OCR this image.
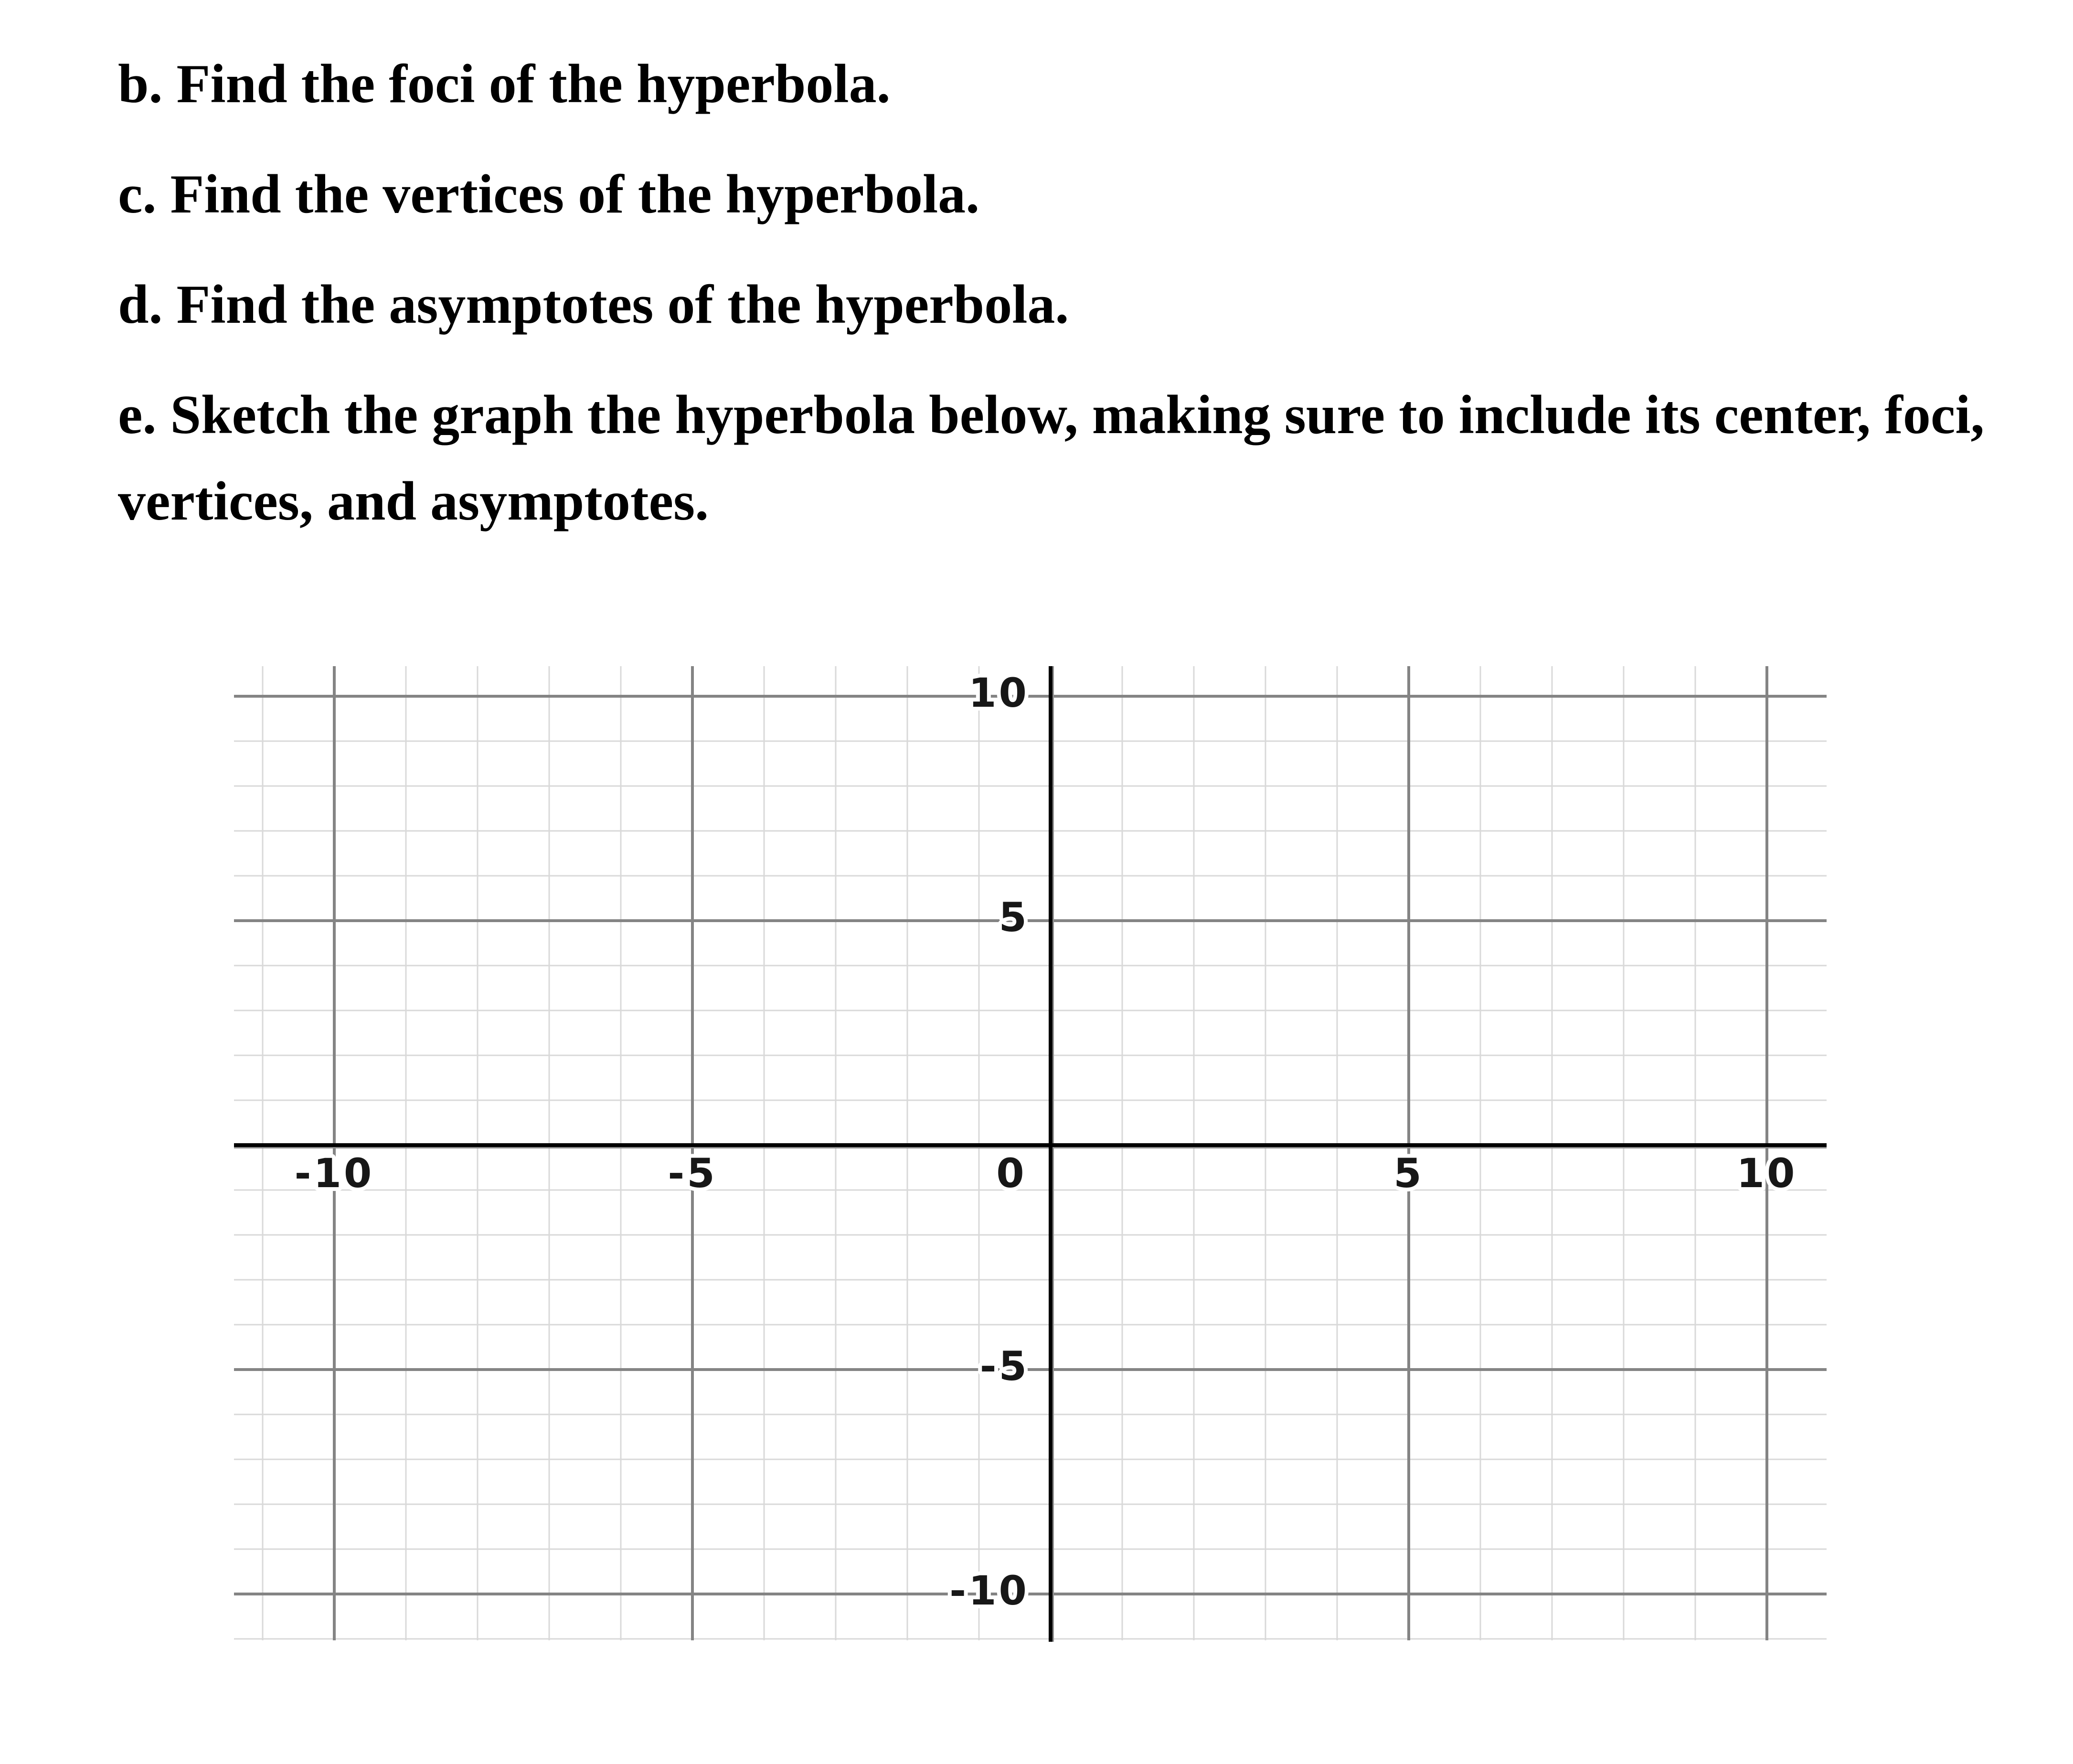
b. Find the foci of the hyperbola.

c. Find the vertices of the hyperbola.

d. Find the asymptotes of the hyperbola.

e. Sketch the graph the hyperbola below, making sure to include its center, foci, vertices, and asymptotes.

-10	-5	0	5	10
10
5
-5
-10
